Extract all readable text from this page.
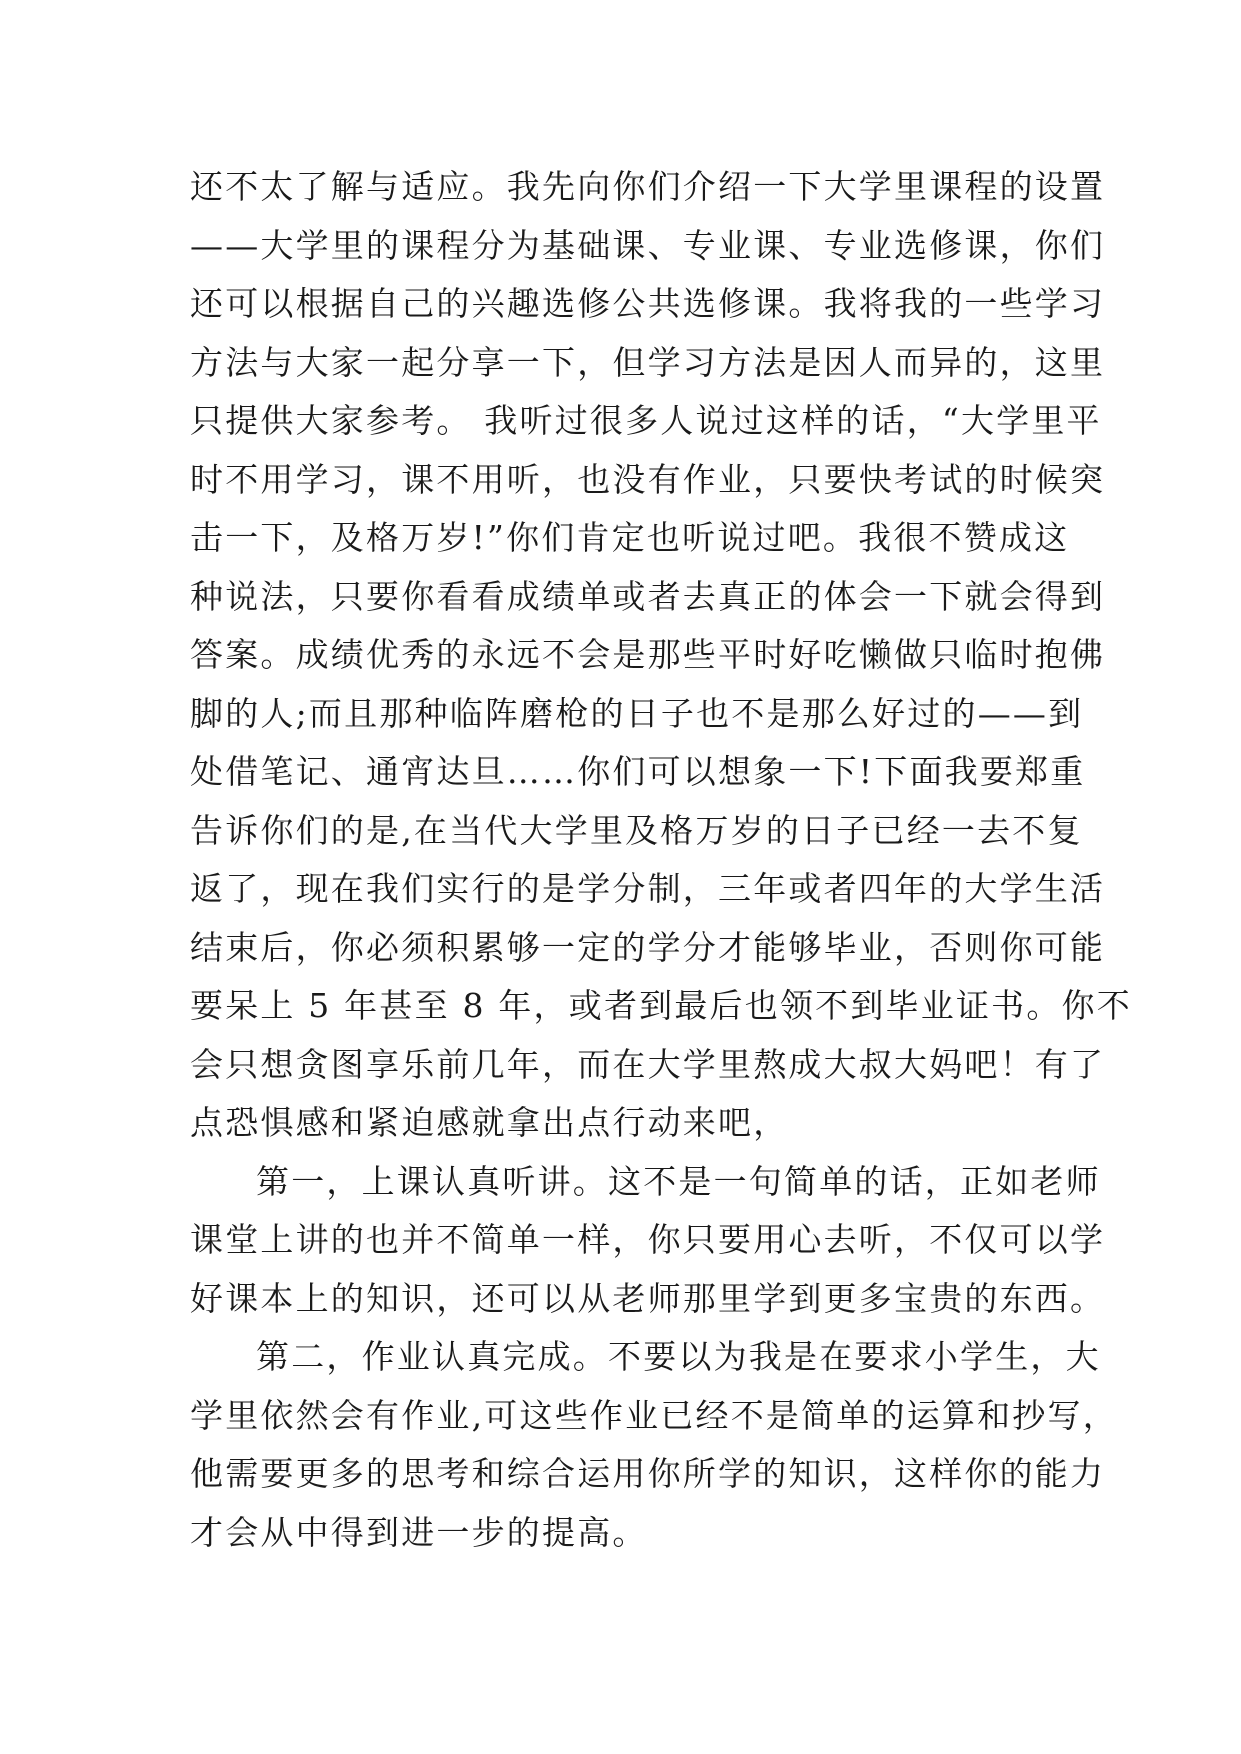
还不太了解与适应。我先向你们介绍一下大学里课程的设置
——大学里的课程分为基础课、专业课、专业选修课，你们
还可以根据自己的兴趣选修公共选修课。我将我的一些学习
方法与大家一起分享一下，但学习方法是因人而异的，这里
只提供大家参考。 我听过很多人说过这样的话，“大学里平
时不用学习，课不用听，也没有作业，只要快考试的时候突
击一下，及格万岁!”你们肯定也听说过吧。我很不赞成这
种说法，只要你看看成绩单或者去真正的体会一下就会得到
答案。成绩优秀的永远不会是那些平时好吃懒做只临时抱佛
脚的人;而且那种临阵磨枪的日子也不是那么好过的——到
处借笔记、通宵达旦……你们可以想象一下!下面我要郑重
告诉你们的是,在当代大学里及格万岁的日子已经一去不复
返了，现在我们实行的是学分制，三年或者四年的大学生活
结束后，你必须积累够一定的学分才能够毕业，否则你可能
要呆上 5 年甚至 8 年，或者到最后也领不到毕业证书。你不
会只想贪图享乐前几年，而在大学里熬成大叔大妈吧！有了
点恐惧感和紧迫感就拿出点行动来吧，
第一，上课认真听讲。这不是一句简单的话，正如老师
课堂上讲的也并不简单一样，你只要用心去听，不仅可以学
好课本上的知识，还可以从老师那里学到更多宝贵的东西。
第二，作业认真完成。不要以为我是在要求小学生，大
学里依然会有作业,可这些作业已经不是简单的运算和抄写，
他需要更多的思考和综合运用你所学的知识，这样你的能力
才会从中得到进一步的提高。
